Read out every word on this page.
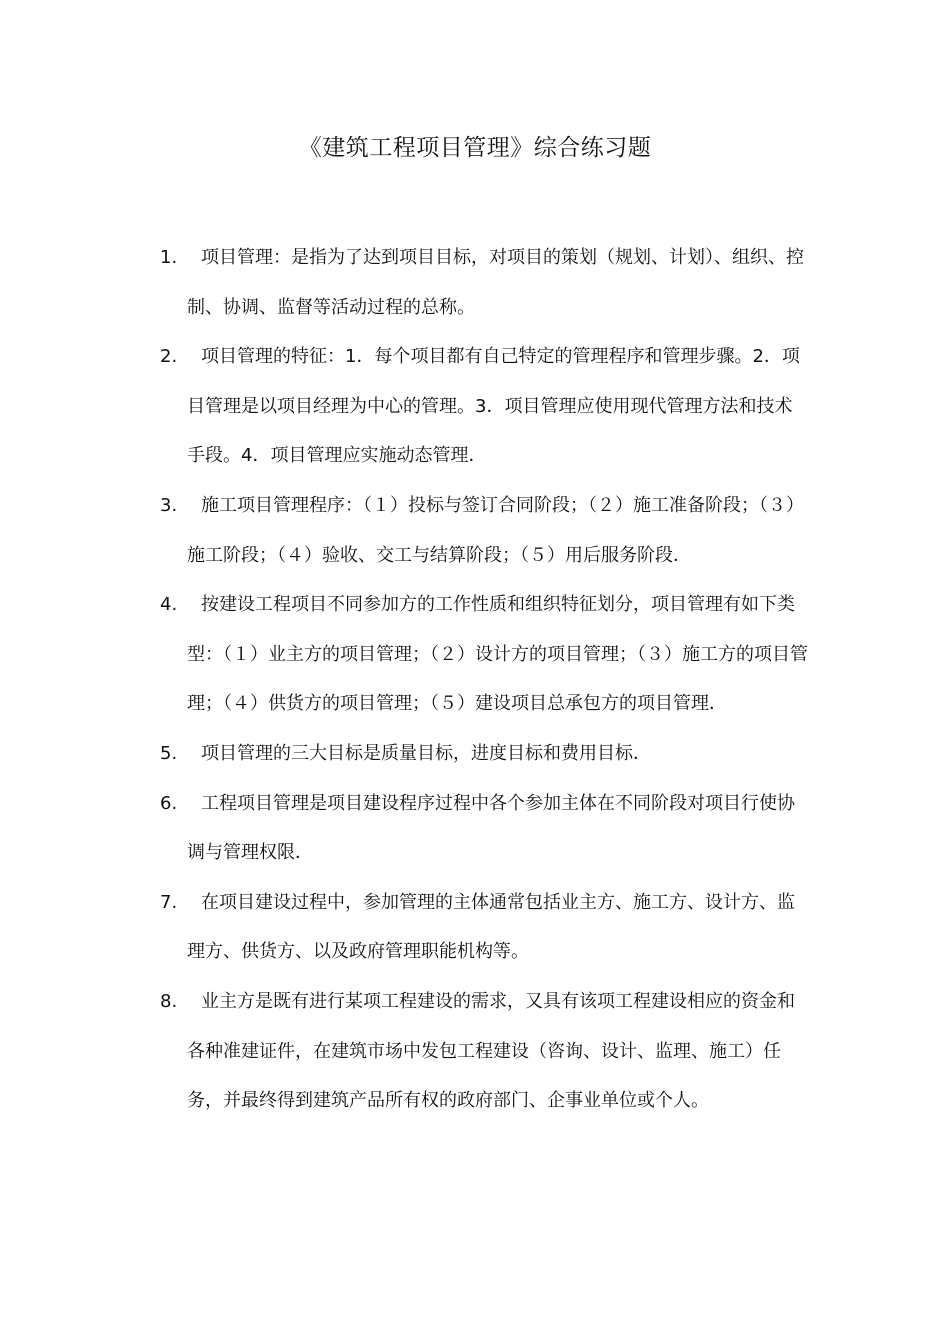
《建筑工程项目管理》综合练习题
1.	项目管理：是指为了达到项目目标，对项目的策划（规划、计划）、组织、控制、协调、监督等活动过程的总称。
2.	项目管理的特征：1．每个项目都有自己特定的管理程序和管理步骤。2．项目管理是以项目经理为中心的管理。3．项目管理应使用现代管理方法和技术手段。4．项目管理应实施动态管理．
3.	施工项目管理程序：（１）投标与签订合同阶段；（２）施工准备阶段；（３）施工阶段；（４）验收、交工与结算阶段；（５）用后服务阶段．
4.	按建设工程项目不同参加方的工作性质和组织特征划分，项目管理有如下类型：（１）业主方的项目管理；（２）设计方的项目管理；（３）施工方的项目管理；（４）供货方的项目管理；（５）建设项目总承包方的项目管理．
5.	项目管理的三大目标是质量目标，进度目标和费用目标．
6.	工程项目管理是项目建设程序过程中各个参加主体在不同阶段对项目行使协调与管理权限．
7.	在项目建设过程中，参加管理的主体通常包括业主方、施工方、设计方、监理方、供货方、以及政府管理职能机构等。
8.	业主方是既有进行某项工程建设的需求，又具有该项工程建设相应的资金和各种准建证件，在建筑市场中发包工程建设（咨询、设计、监理、施工）任务，并最终得到建筑产品所有权的政府部门、企事业单位或个人。
